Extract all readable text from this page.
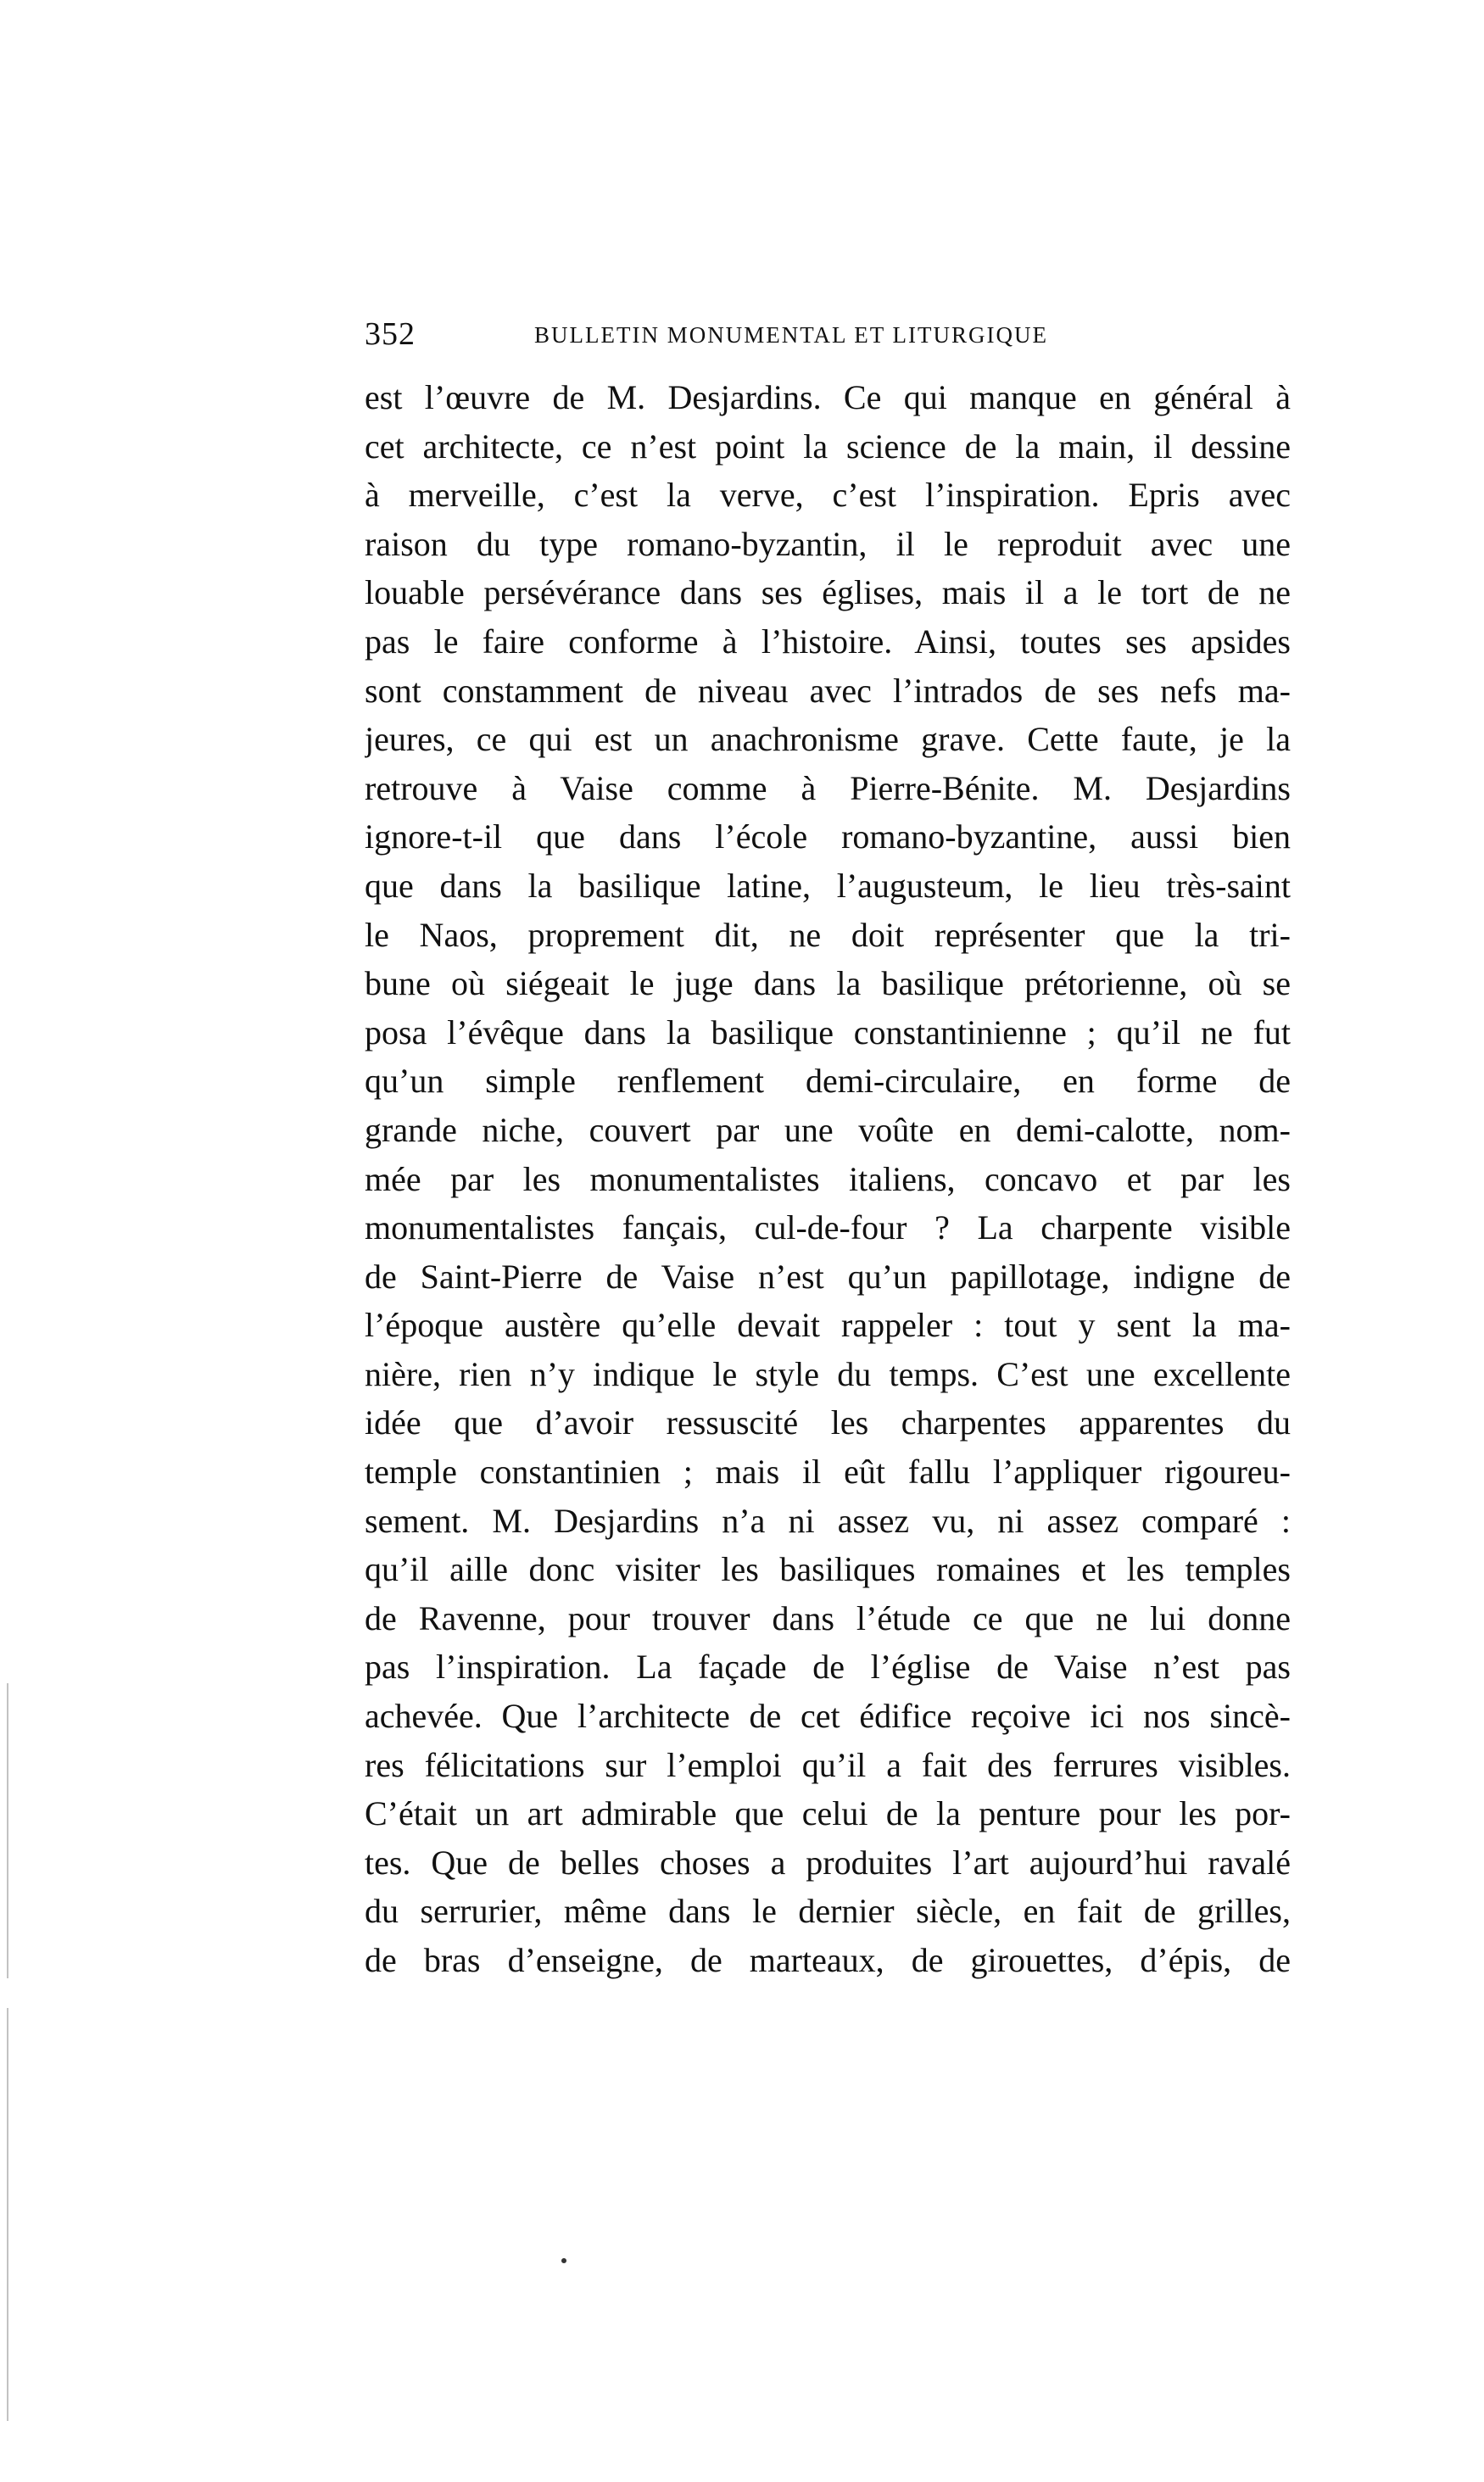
352	BULLETIN MONUMENTAL ET LITURGIQUE
est l’œuvre de M. Desjardins. Ce qui manque en général à
cet architecte, ce n’est point la science de la main, il dessine
à merveille, c’est la verve, c’est l’inspiration. Epris avec
raison du type romano-byzantin, il le reproduit avec une
louable persévérance dans ses églises, mais il a le tort de ne
pas le faire conforme à l’histoire. Ainsi, toutes ses apsides
sont constamment de niveau avec l’intrados de ses nefs ma-
jeures, ce qui est un anachronisme grave. Cette faute, je la
retrouve à Vaise comme à Pierre-Bénite. M. Desjardins
ignore-t-il que dans l’école romano-byzantine, aussi bien
que dans la basilique latine, l’augusteum, le lieu très-saint
le Naos, proprement dit, ne doit représenter que la tri-
bune où siégeait le juge dans la basilique prétorienne, où se
posa l’évêque dans la basilique constantinienne ; qu’il ne fut
qu’un simple renflement demi-circulaire, en forme de
grande niche, couvert par une voûte en demi-calotte, nom-
mée par les monumentalistes italiens, concavo et par les
monumentalistes fançais, cul-de-four ? La charpente visible
de Saint-Pierre de Vaise n’est qu’un papillotage, indigne de
l’époque austère qu’elle devait rappeler : tout y sent la ma-
nière, rien n’y indique le style du temps. C’est une excellente
idée que d’avoir ressuscité les charpentes apparentes du
temple constantinien ; mais il eût fallu l’appliquer rigoureu-
sement. M. Desjardins n’a ni assez vu, ni assez comparé :
qu’il aille donc visiter les basiliques romaines et les temples
de Ravenne, pour trouver dans l’étude ce que ne lui donne
pas l’inspiration. La façade de l’église de Vaise n’est pas
achevée. Que l’architecte de cet édifice reçoive ici nos sincè-
res félicitations sur l’emploi qu’il a fait des ferrures visibles.
C’était un art admirable que celui de la penture pour les por-
tes. Que de belles choses a produites l’art aujourd’hui ravalé
du serrurier, même dans le dernier siècle, en fait de grilles,
de bras d’enseigne, de marteaux, de girouettes, d’épis, de
